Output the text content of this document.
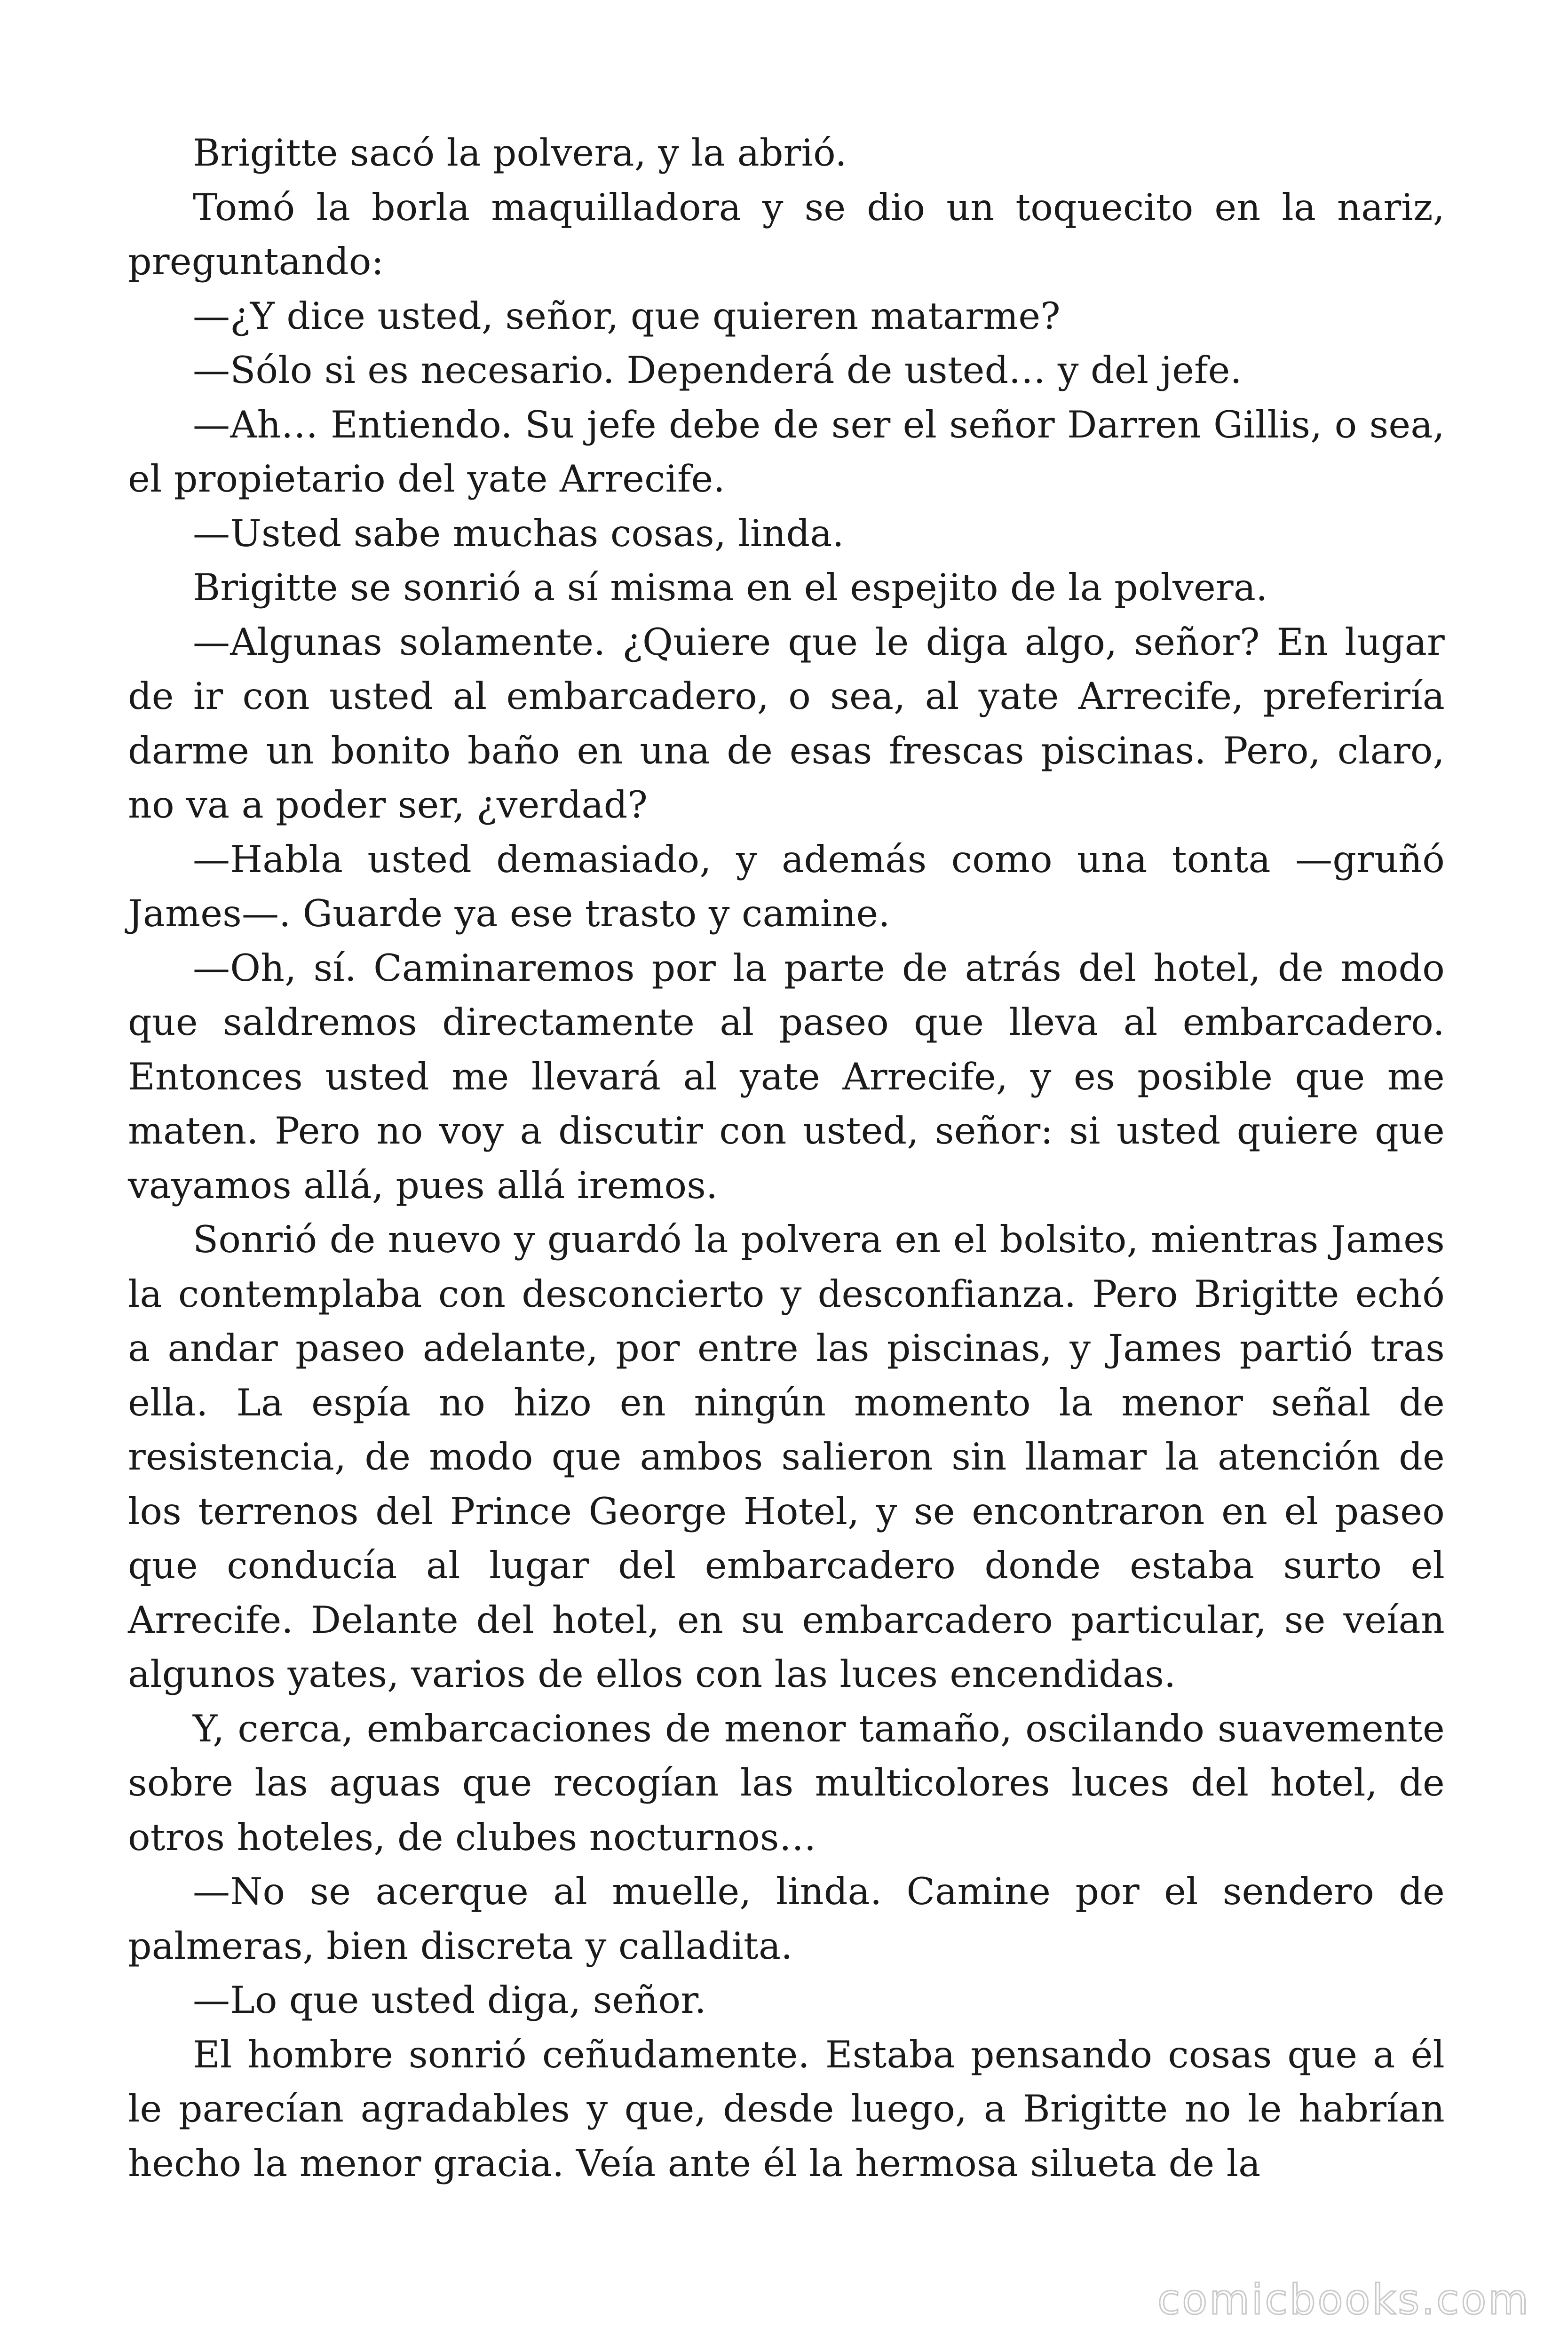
Brigitte sacó la polvera, y la abrió.

Tomó la borla maquilladora y se dio un toquecito en la nariz, preguntando:

—¿Y dice usted, señor, que quieren matarme?

—Sólo si es necesario. Dependerá de usted… y del jefe.

—Ah… Entiendo. Su jefe debe de ser el señor Darren Gillis, o sea, el propietario del yate Arrecife.

—Usted sabe muchas cosas, linda.

Brigitte se sonrió a sí misma en el espejito de la polvera.

—Algunas solamente. ¿Quiere que le diga algo, señor? En lugar de ir con usted al embarcadero, o sea, al yate Arrecife, preferiría darme un bonito baño en una de esas frescas piscinas. Pero, claro, no va a poder ser, ¿verdad?

—Habla usted demasiado, y además como una tonta —gruñó James—. Guarde ya ese trasto y camine.

—Oh, sí. Caminaremos por la parte de atrás del hotel, de modo que saldremos directamente al paseo que lleva al embarcadero. Entonces usted me llevará al yate Arrecife, y es posible que me maten. Pero no voy a discutir con usted, señor: si usted quiere que vayamos allá, pues allá iremos.

Sonrió de nuevo y guardó la polvera en el bolsito, mientras James la contemplaba con desconcierto y desconfianza. Pero Brigitte echó a andar paseo adelante, por entre las piscinas, y James partió tras ella. La espía no hizo en ningún momento la menor señal de resistencia, de modo que ambos salieron sin llamar la atención de los terrenos del Prince George Hotel, y se encontraron en el paseo que conducía al lugar del embarcadero donde estaba surto el Arrecife. Delante del hotel, en su embarcadero particular, se veían algunos yates, varios de ellos con las luces encendidas.

Y, cerca, embarcaciones de menor tamaño, oscilando suavemente sobre las aguas que recogían las multicolores luces del hotel, de otros hoteles, de clubes nocturnos…

—No se acerque al muelle, linda. Camine por el sendero de palmeras, bien discreta y calladita.

—Lo que usted diga, señor.

El hombre sonrió ceñudamente. Estaba pensando cosas que a él le parecían agradables y que, desde luego, a Brigitte no le habrían hecho la menor gracia. Veía ante él la hermosa silueta de la

comicbooks.com
